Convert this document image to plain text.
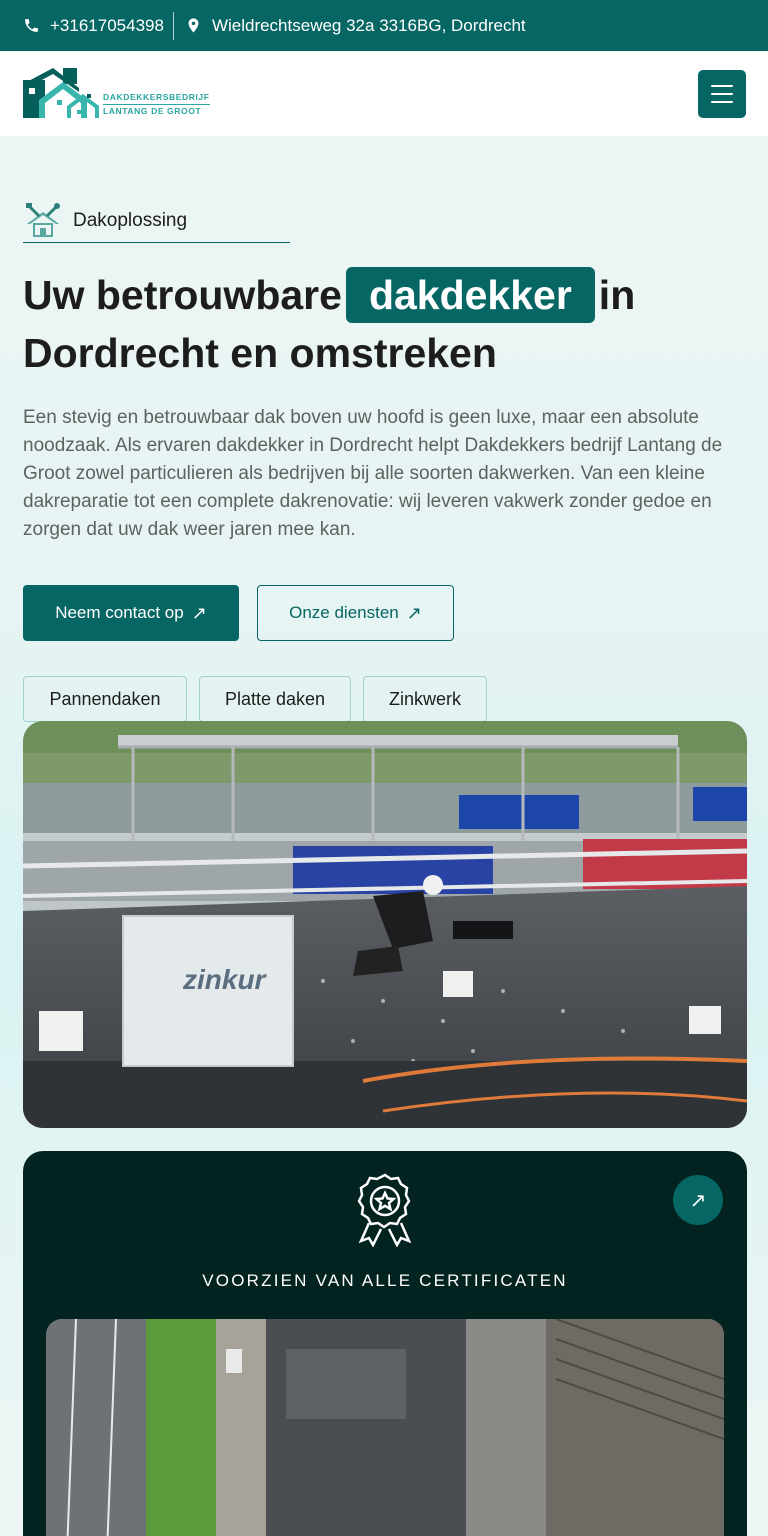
+31617054398	Wieldrechtseweg 32a 3316BG, Dordrecht
DAKDEKKERSBEDRIJF
LANTANG DE GROOT
Dakoplossing
Uw betrouwbare dakdekker in
Dordrecht en omstreken

Een stevig en betrouwbaar dak boven uw hoofd is geen luxe, maar een absolute noodzaak. Als ervaren dakdekker in Dordrecht helpt Dakdekkers bedrijf Lantang de Groot zowel particulieren als bedrijven bij alle soorten dakwerken. Van een kleine dakreparatie tot een complete dakrenovatie: wij leveren vakwerk zonder gedoe en zorgen dat uw dak weer jaren mee kan.

Neem contact op ↗	Onze diensten ↗
Pannendaken	Platte daken	Zinkwerk
zinkur
↗
VOORZIEN VAN ALLE CERTIFICATEN
